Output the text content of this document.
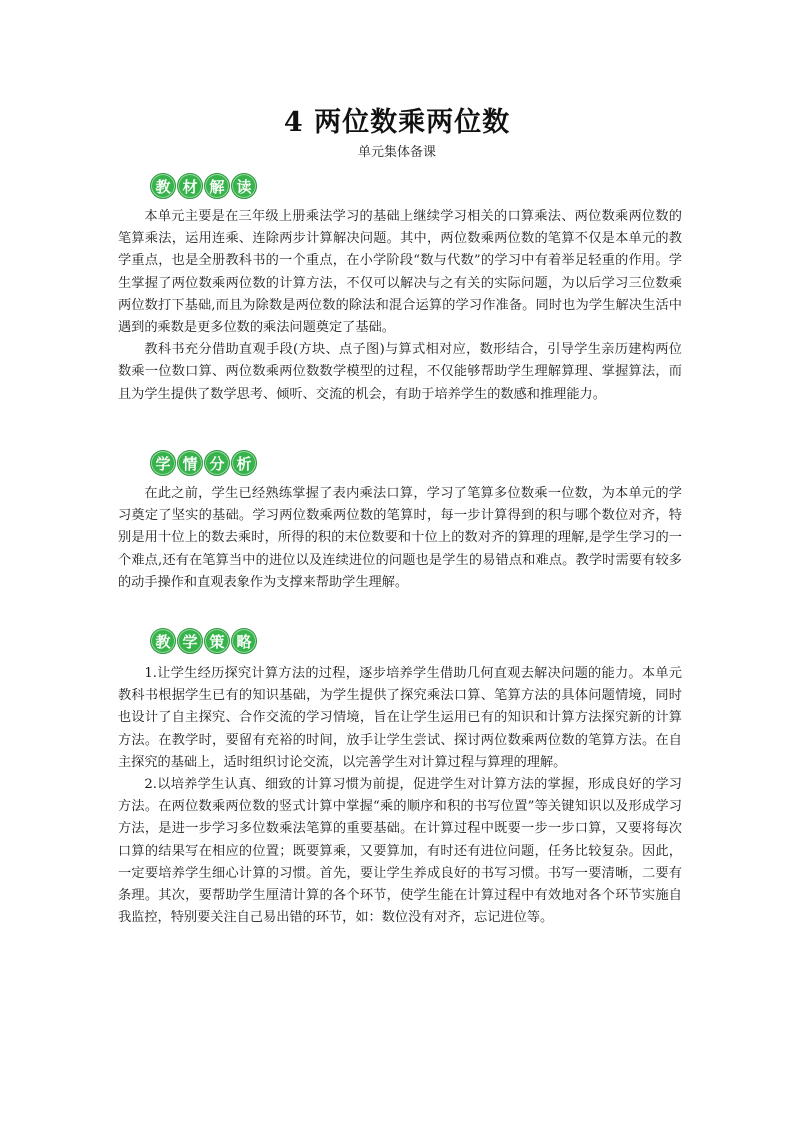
4 两位数乘两位数
单元集体备课
教 材 解 读

本单元主要是在三年级上册乘法学习的基础上继续学习相关的口算乘法、两位数乘两位数的笔算乘法，运用连乘、连除两步计算解决问题。其中，两位数乘两位数的笔算不仅是本单元的教学重点，也是全册教科书的一个重点，在小学阶段“数与代数”的学习中有着举足轻重的作用。学生掌握了两位数乘两位数的计算方法，不仅可以解决与之有关的实际问题，为以后学习三位数乘两位数打下基础,而且为除数是两位数的除法和混合运算的学习作准备。同时也为学生解决生活中遇到的乘数是更多位数的乘法问题奠定了基础。

教科书充分借助直观手段(方块、点子图)与算式相对应，数形结合，引导学生亲历建构两位数乘一位数口算、两位数乘两位数数学模型的过程，不仅能够帮助学生理解算理、掌握算法，而且为学生提供了数学思考、倾听、交流的机会，有助于培养学生的数感和推理能力。

学 情 分 析

在此之前，学生已经熟练掌握了表内乘法口算，学习了笔算多位数乘一位数，为本单元的学习奠定了坚实的基础。学习两位数乘两位数的笔算时，每一步计算得到的积与哪个数位对齐，特别是用十位上的数去乘时，所得的积的末位数要和十位上的数对齐的算理的理解,是学生学习的一个难点,还有在笔算当中的进位以及连续进位的问题也是学生的易错点和难点。教学时需要有较多的动手操作和直观表象作为支撑来帮助学生理解。

教 学 策 略

1.让学生经历探究计算方法的过程，逐步培养学生借助几何直观去解决问题的能力。本单元教科书根据学生已有的知识基础，为学生提供了探究乘法口算、笔算方法的具体问题情境，同时也设计了自主探究、合作交流的学习情境，旨在让学生运用已有的知识和计算方法探究新的计算方法。在教学时，要留有充裕的时间，放手让学生尝试、探讨两位数乘两位数的笔算方法。在自主探究的基础上，适时组织讨论交流，以完善学生对计算过程与算理的理解。

2.以培养学生认真、细致的计算习惯为前提，促进学生对计算方法的掌握，形成良好的学习方法。在两位数乘两位数的竖式计算中掌握“乘的顺序和积的书写位置”等关键知识以及形成学习方法，是进一步学习多位数乘法笔算的重要基础。在计算过程中既要一步一步口算，又要将每次口算的结果写在相应的位置；既要算乘，又要算加，有时还有进位问题，任务比较复杂。因此，一定要培养学生细心计算的习惯。首先，要让学生养成良好的书写习惯。书写一要清晰，二要有条理。其次，要帮助学生厘清计算的各个环节，使学生能在计算过程中有效地对各个环节实施自我监控，特别要关注自己易出错的环节，如：数位没有对齐，忘记进位等。
